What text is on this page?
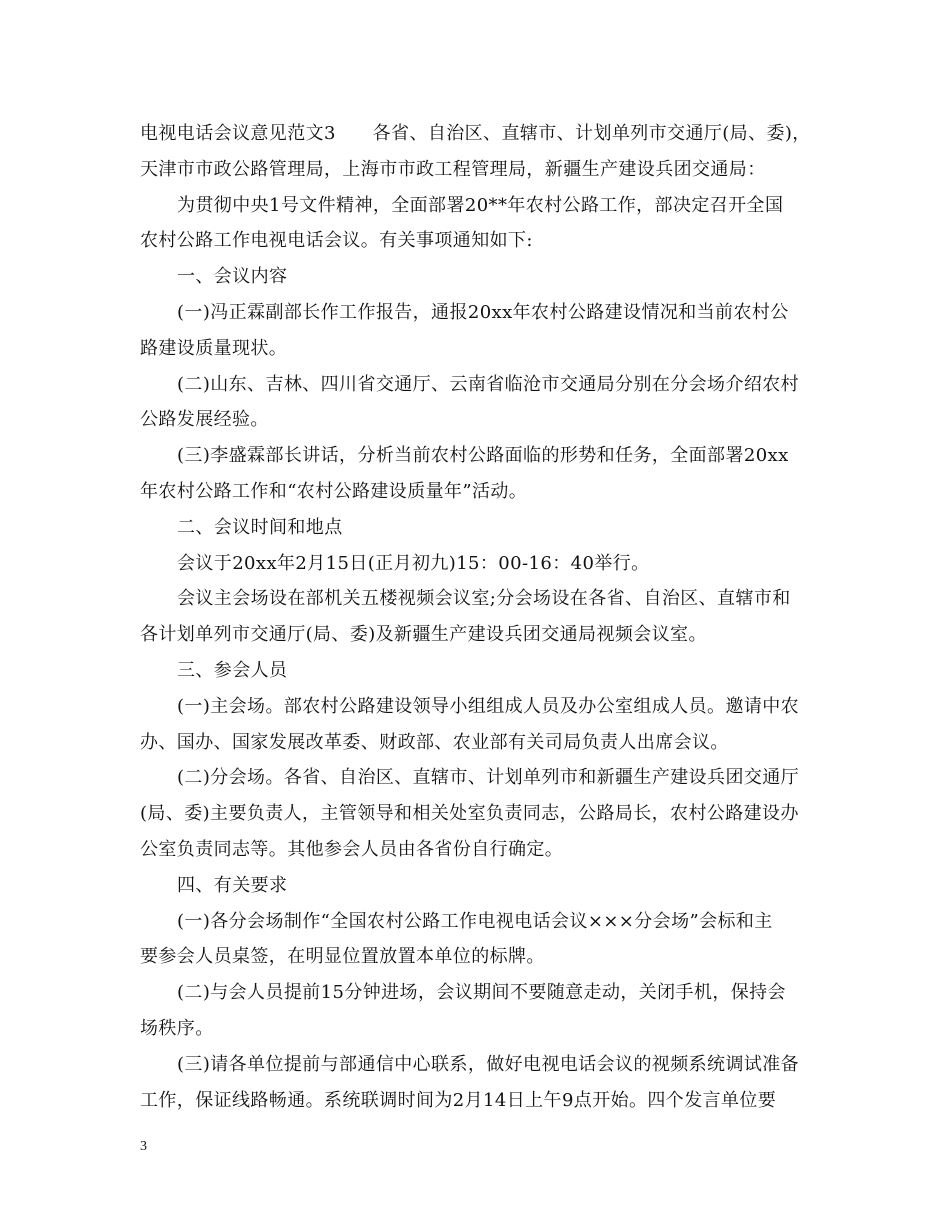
电视电话会议意见范文3　　各省、自治区、直辖市、计划单列市交通厅(局、委)，
天津市市政公路管理局，上海市市政工程管理局，新疆生产建设兵团交通局：
为贯彻中央1号文件精神，全面部署20**年农村公路工作，部决定召开全国
农村公路工作电视电话会议。有关事项通知如下:
一、会议内容
(一)冯正霖副部长作工作报告，通报20xx年农村公路建设情况和当前农村公
路建设质量现状。
(二)山东、吉林、四川省交通厅、云南省临沧市交通局分别在分会场介绍农村
公路发展经验。
(三)李盛霖部长讲话，分析当前农村公路面临的形势和任务，全面部署20xx
年农村公路工作和“农村公路建设质量年”活动。
二、会议时间和地点
会议于20xx年2月15日(正月初九)15：00-16：40举行。
会议主会场设在部机关五楼视频会议室;分会场设在各省、自治区、直辖市和
各计划单列市交通厅(局、委)及新疆生产建设兵团交通局视频会议室。
三、参会人员
(一)主会场。部农村公路建设领导小组组成人员及办公室组成人员。邀请中农
办、国办、国家发展改革委、财政部、农业部有关司局负责人出席会议。
(二)分会场。各省、自治区、直辖市、计划单列市和新疆生产建设兵团交通厅
(局、委)主要负责人，主管领导和相关处室负责同志，公路局长，农村公路建设办
公室负责同志等。其他参会人员由各省份自行确定。
四、有关要求
(一)各分会场制作“全国农村公路工作电视电话会议×××分会场”会标和主
要参会人员桌签，在明显位置放置本单位的标牌。
(二)与会人员提前15分钟进场，会议期间不要随意走动，关闭手机，保持会
场秩序。
(三)请各单位提前与部通信中心联系，做好电视电话会议的视频系统调试准备
工作，保证线路畅通。系统联调时间为2月14日上午9点开始。四个发言单位要
3
